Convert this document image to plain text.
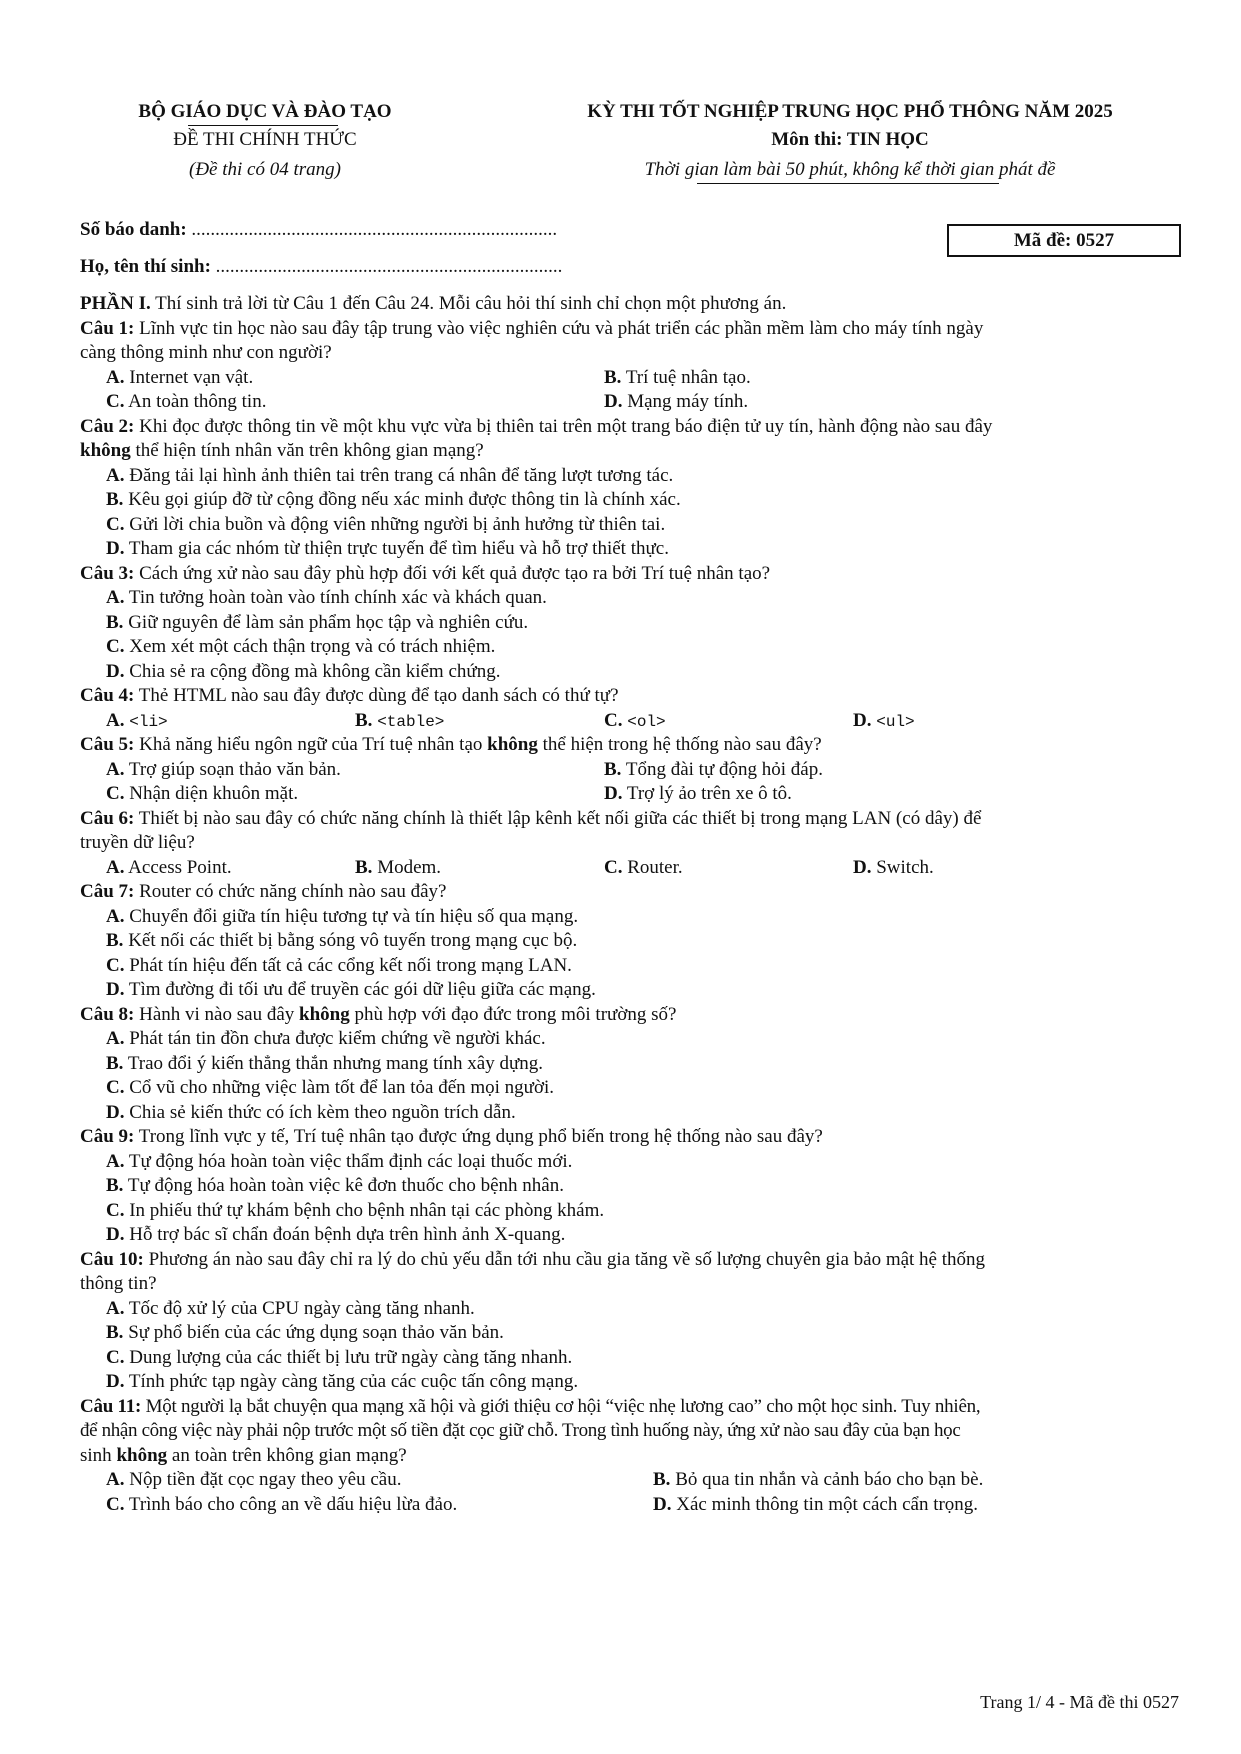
BỘ GIÁO DỤC VÀ ĐÀO TẠO
ĐỀ THI CHÍNH THỨC
(Đề thi có 04 trang)
KỲ THI TỐT NGHIỆP TRUNG HỌC PHỔ THÔNG NĂM 2025
Môn thi: TIN HỌC
Thời gian làm bài 50 phút, không kể thời gian phát đề
Số báo danh: .............................................................................
Họ, tên thí sinh: .........................................................................
Mã đề: 0527
PHẦN I. Thí sinh trả lời từ Câu 1 đến Câu 24. Mỗi câu hỏi thí sinh chỉ chọn một phương án.
Câu 1: Lĩnh vực tin học nào sau đây tập trung vào việc nghiên cứu và phát triển các phần mềm làm cho máy tính ngày
càng thông minh như con người?
A. Internet vạn vật.	B. Trí tuệ nhân tạo.
C. An toàn thông tin.	D. Mạng máy tính.
Câu 2: Khi đọc được thông tin về một khu vực vừa bị thiên tai trên một trang báo điện tử uy tín, hành động nào sau đây
không thể hiện tính nhân văn trên không gian mạng?
A. Đăng tải lại hình ảnh thiên tai trên trang cá nhân để tăng lượt tương tác.
B. Kêu gọi giúp đỡ từ cộng đồng nếu xác minh được thông tin là chính xác.
C. Gửi lời chia buồn và động viên những người bị ảnh hưởng từ thiên tai.
D. Tham gia các nhóm từ thiện trực tuyến để tìm hiểu và hỗ trợ thiết thực.
Câu 3: Cách ứng xử nào sau đây phù hợp đối với kết quả được tạo ra bởi Trí tuệ nhân tạo?
A. Tin tưởng hoàn toàn vào tính chính xác và khách quan.
B. Giữ nguyên để làm sản phẩm học tập và nghiên cứu.
C. Xem xét một cách thận trọng và có trách nhiệm.
D. Chia sẻ ra cộng đồng mà không cần kiểm chứng.
Câu 4: Thẻ HTML nào sau đây được dùng để tạo danh sách có thứ tự?
A. <li>	B. <table>	C. <ol>	D. <ul>
Câu 5: Khả năng hiểu ngôn ngữ của Trí tuệ nhân tạo không thể hiện trong hệ thống nào sau đây?
A. Trợ giúp soạn thảo văn bản.	B. Tổng đài tự động hỏi đáp.
C. Nhận diện khuôn mặt.	D. Trợ lý ảo trên xe ô tô.
Câu 6: Thiết bị nào sau đây có chức năng chính là thiết lập kênh kết nối giữa các thiết bị trong mạng LAN (có dây) để
truyền dữ liệu?
A. Access Point.	B. Modem.	C. Router.	D. Switch.
Câu 7: Router có chức năng chính nào sau đây?
A. Chuyển đổi giữa tín hiệu tương tự và tín hiệu số qua mạng.
B. Kết nối các thiết bị bằng sóng vô tuyến trong mạng cục bộ.
C. Phát tín hiệu đến tất cả các cổng kết nối trong mạng LAN.
D. Tìm đường đi tối ưu để truyền các gói dữ liệu giữa các mạng.
Câu 8: Hành vi nào sau đây không phù hợp với đạo đức trong môi trường số?
A. Phát tán tin đồn chưa được kiểm chứng về người khác.
B. Trao đổi ý kiến thẳng thắn nhưng mang tính xây dựng.
C. Cổ vũ cho những việc làm tốt để lan tỏa đến mọi người.
D. Chia sẻ kiến thức có ích kèm theo nguồn trích dẫn.
Câu 9: Trong lĩnh vực y tế, Trí tuệ nhân tạo được ứng dụng phổ biến trong hệ thống nào sau đây?
A. Tự động hóa hoàn toàn việc thẩm định các loại thuốc mới.
B. Tự động hóa hoàn toàn việc kê đơn thuốc cho bệnh nhân.
C. In phiếu thứ tự khám bệnh cho bệnh nhân tại các phòng khám.
D. Hỗ trợ bác sĩ chẩn đoán bệnh dựa trên hình ảnh X-quang.
Câu 10: Phương án nào sau đây chỉ ra lý do chủ yếu dẫn tới nhu cầu gia tăng về số lượng chuyên gia bảo mật hệ thống
thông tin?
A. Tốc độ xử lý của CPU ngày càng tăng nhanh.
B. Sự phổ biến của các ứng dụng soạn thảo văn bản.
C. Dung lượng của các thiết bị lưu trữ ngày càng tăng nhanh.
D. Tính phức tạp ngày càng tăng của các cuộc tấn công mạng.
Câu 11: Một người lạ bắt chuyện qua mạng xã hội và giới thiệu cơ hội “việc nhẹ lương cao” cho một học sinh. Tuy nhiên,
để nhận công việc này phải nộp trước một số tiền đặt cọc giữ chỗ. Trong tình huống này, ứng xử nào sau đây của bạn học
sinh không an toàn trên không gian mạng?
A. Nộp tiền đặt cọc ngay theo yêu cầu.	B. Bỏ qua tin nhắn và cảnh báo cho bạn bè.
C. Trình báo cho công an về dấu hiệu lừa đảo.	D. Xác minh thông tin một cách cẩn trọng.
Trang 1/ 4 - Mã đề thi 0527
